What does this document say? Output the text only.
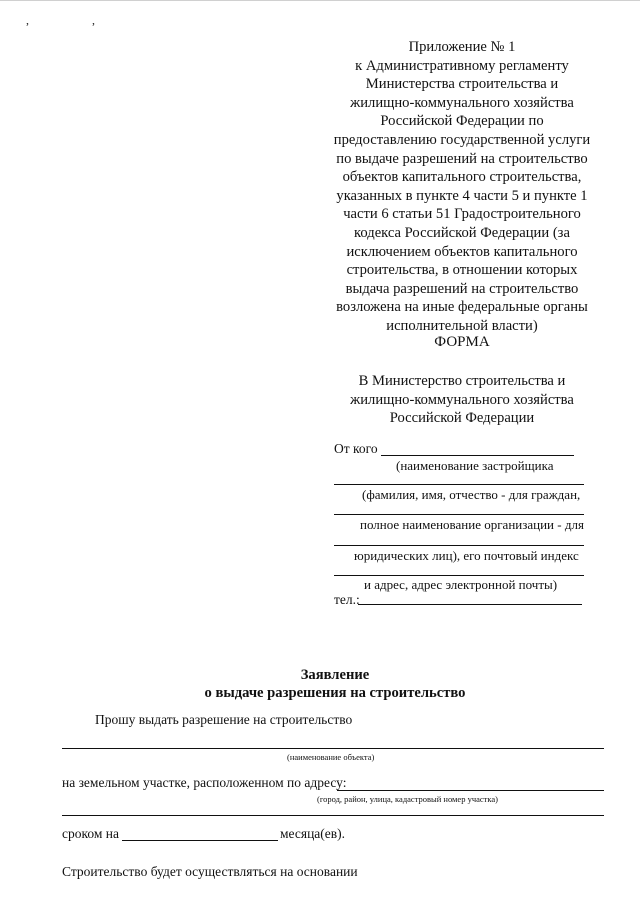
, ,
Приложение № 1
к Административному регламенту
Министерства строительства и
жилищно-коммунального хозяйства
Российской Федерации по
предоставлению государственной услуги
по выдаче разрешений на строительство
объектов капитального строительства,
указанных в пункте 4 части 5 и пункте 1
части 6 статьи 51 Градостроительного
кодекса Российской Федерации (за
исключением объектов капитального
строительства, в отношении которых
выдача разрешений на строительство
возложена на иные федеральные органы
исполнительной власти)
ФОРМА
В Министерство строительства и
жилищно-коммунального хозяйства
Российской Федерации
От кого
(наименование застройщика
(фамилия, имя, отчество - для граждан,
полное наименование организации - для
юридических лиц), его почтовый индекс
и адрес, адрес электронной почты)
тел.:
Заявление
о выдаче разрешения на строительство
Прошу выдать разрешение на строительство
(наименование объекта)
на земельном участке, расположенном по адресу:
(город, район, улица, кадастровый номер участка)
сроком на	месяца(ев).
Строительство будет осуществляться на основании
